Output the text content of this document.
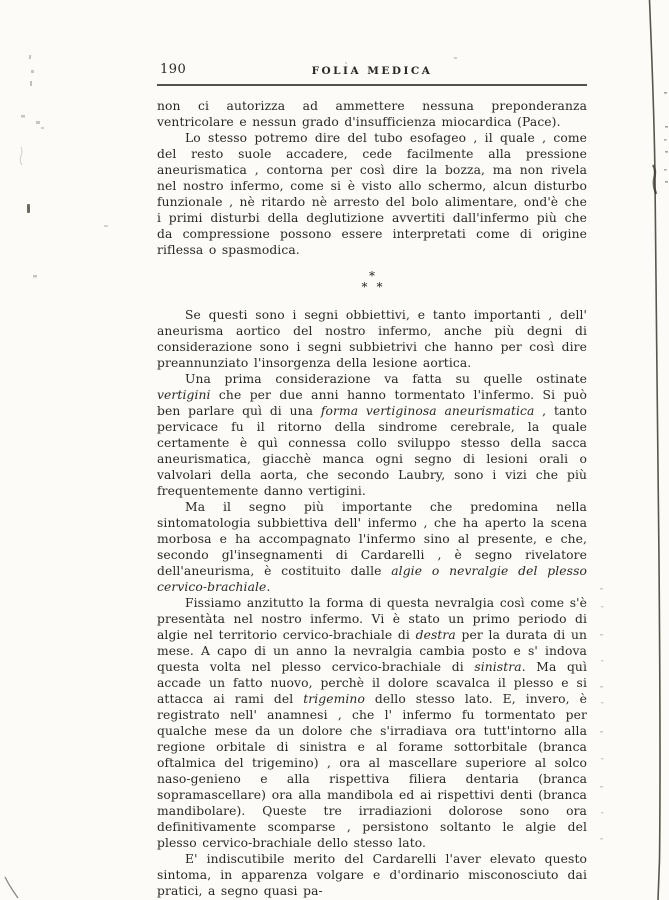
190	FOLIA MEDICA

non ci autorizza ad ammettere nessuna preponderanza ventricolare e nessun grado d'insufficienza miocardica (Pace).

Lo stesso potremo dire del tubo esofageo , il quale , come del resto suole accadere, cede facilmente alla pressione aneurismatica , contorna per così dire la bozza, ma non rivela nel nostro infermo, come si è visto allo schermo, alcun disturbo funzionale , nè ritardo nè arresto del bolo alimentare, ond'è che i primi disturbi della deglutizione avvertiti dall'infermo più che da compressione possono essere interpretati come di origine riflessa o spasmodica.

*
* *

Se questi sono i segni obbiettivi, e tanto importanti , dell' aneurisma aortico del nostro infermo, anche più degni di considerazione sono i segni subbietrivi che hanno per così dire preannunziato l'insorgenza della lesione aortica.

Una prima considerazione va fatta su quelle ostinate vertigini che per due anni hanno tormentato l'infermo. Si può ben parlare quì di una forma vertiginosa aneurismatica , tanto pervicace fu il ritorno della sindrome cerebrale, la quale certamente è quì connessa collo sviluppo stesso della sacca aneurismatica, giacchè manca ogni segno di lesioni orali o valvolari della aorta, che secondo Laubry, sono i vizi che più frequentemente danno vertigini.

Ma il segno più importante che predomina nella sintomatologia subbiettiva dell' infermo , che ha aperto la scena morbosa e ha accompagnato l'infermo sino al presente, e che, secondo gl'insegnamenti di Cardarelli , è segno rivelatore dell'aneurisma, è costituito dalle algie o nevralgie del plesso cervico-brachiale.

Fissiamo anzitutto la forma di questa nevralgia così come s'è presentàta nel nostro infermo. Vi è stato un primo periodo di algie nel territorio cervico-brachiale di destra per la durata di un mese. A capo di un anno la nevralgia cambia posto e s' indova questa volta nel plesso cervico-brachiale di sinistra. Ma quì accade un fatto nuovo, perchè il dolore scavalca il plesso e si attacca ai rami del trigemino dello stesso lato. E, invero, è registrato nell' anamnesi , che l' infermo fu tormentato per qualche mese da un dolore che s'irradiava ora tutt'intorno alla regione orbitale di sinistra e al forame sottorbitale (branca oftalmica del trigemino) , ora al mascellare superiore al solco naso-genieno e alla rispettiva filiera dentaria (branca sopramascellare) ora alla mandibola ed ai rispettivi denti (branca mandibolare). Queste tre irradiazioni dolorose sono ora definitivamente scomparse , persistono soltanto le algie del plesso cervico-brachiale dello stesso lato.

E' indiscutibile merito del Cardarelli l'aver elevato questo sintoma, in apparenza volgare e d'ordinario misconosciuto dai pratici, a segno quasi pa-
